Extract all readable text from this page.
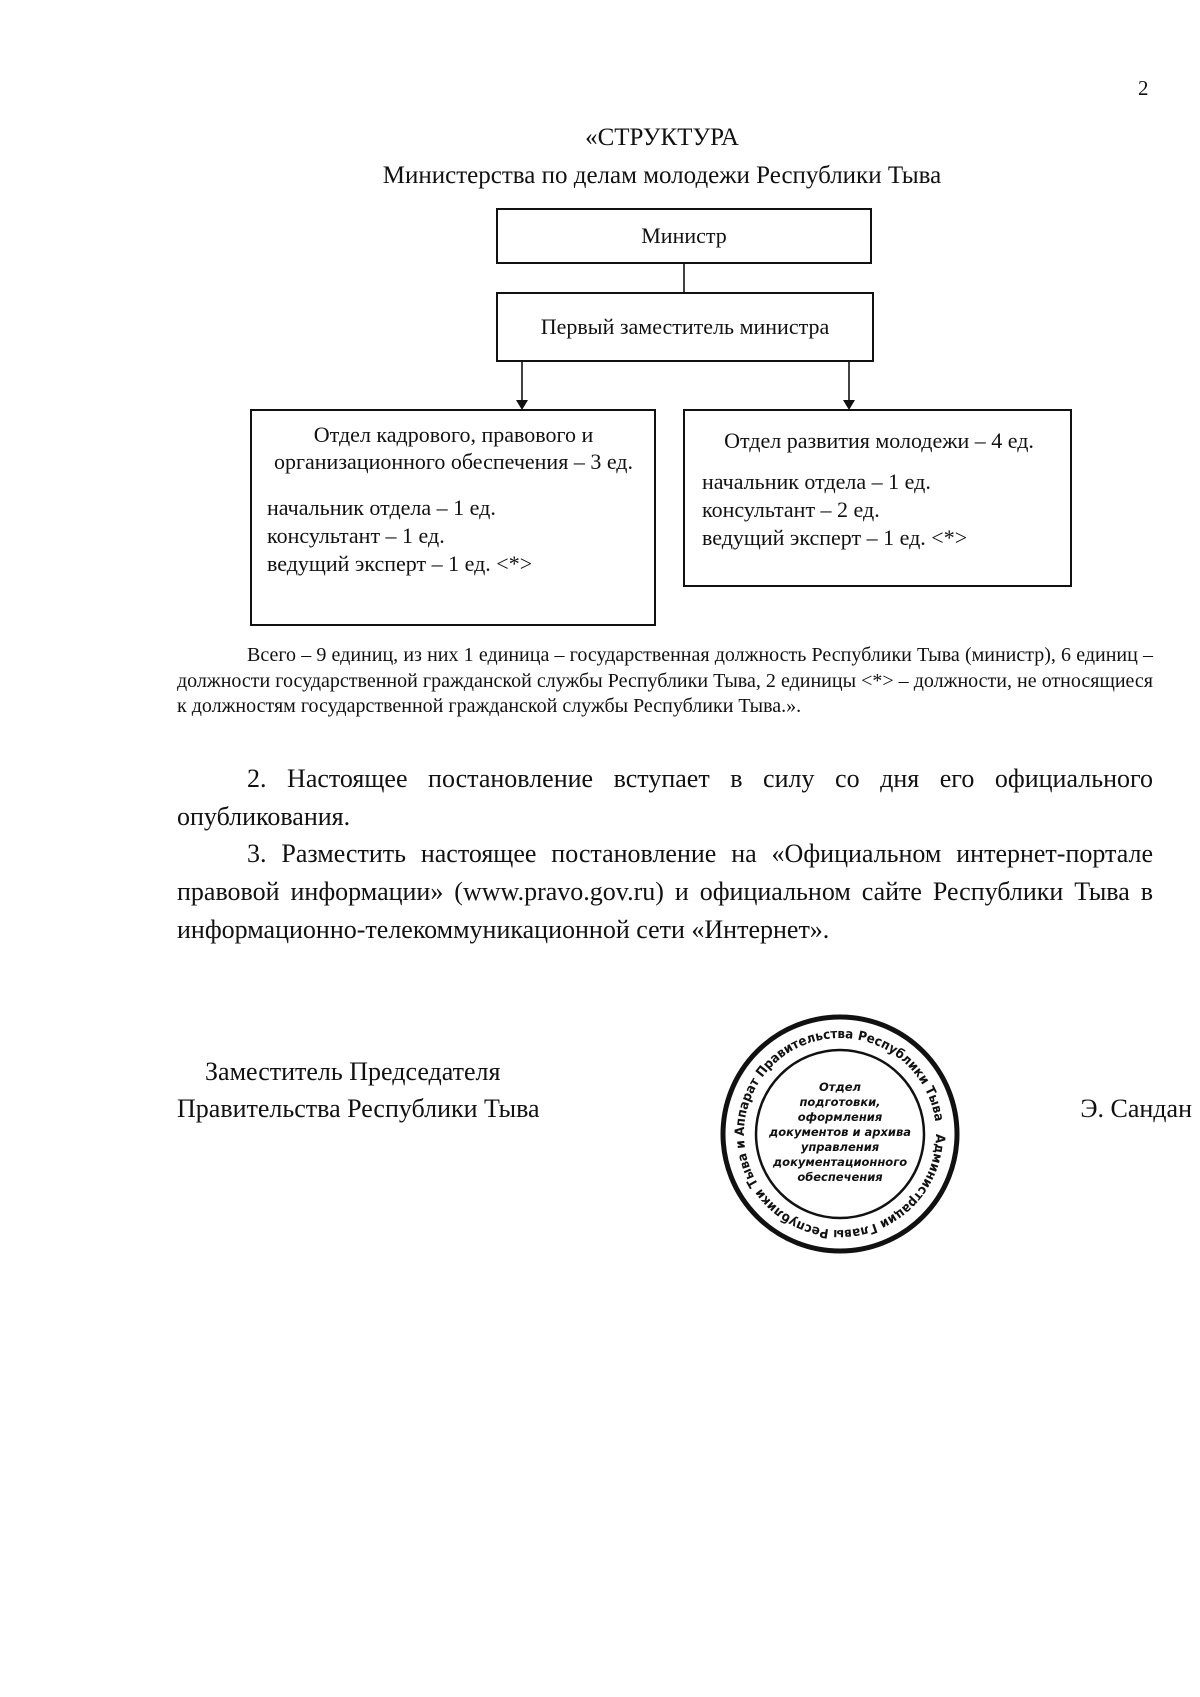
2
«СТРУКТУРА
Министерства по делам молодежи Республики Тыва
Министр
Первый заместитель министра
Отдел кадрового, правового и организационного обеспечения – 3 ед.
начальник отдела – 1 ед.
консультант – 1 ед.
ведущий эксперт – 1 ед. <*>
Отдел развития молодежи – 4 ед.
начальник отдела – 1 ед.
консультант – 2 ед.
ведущий эксперт – 1 ед. <*>
Всего – 9 единиц, из них 1 единица – государственная должность Республики Тыва (министр), 6 единиц – должности государственной гражданской службы Республики Тыва, 2 единицы <*> – должности, не относящиеся к должностям государственной гражданской службы Республики Тыва.».
2. Настоящее постановление вступает в силу со дня его официального опубликования.
3. Разместить настоящее постановление на «Официальном интернет-портале правовой информации» (www.pravo.gov.ru) и официальном сайте Республики Тыва в информационно-телекоммуникационной сети «Интернет».
Заместитель Председателя
Правительства Республики Тыва	Э. Сандан
Администрации Главы Республики Тыва и Аппарат Правительства Республики Тыва
Отдел
подготовки,
оформления
документов и архива
управления
документационного
обеспечения
